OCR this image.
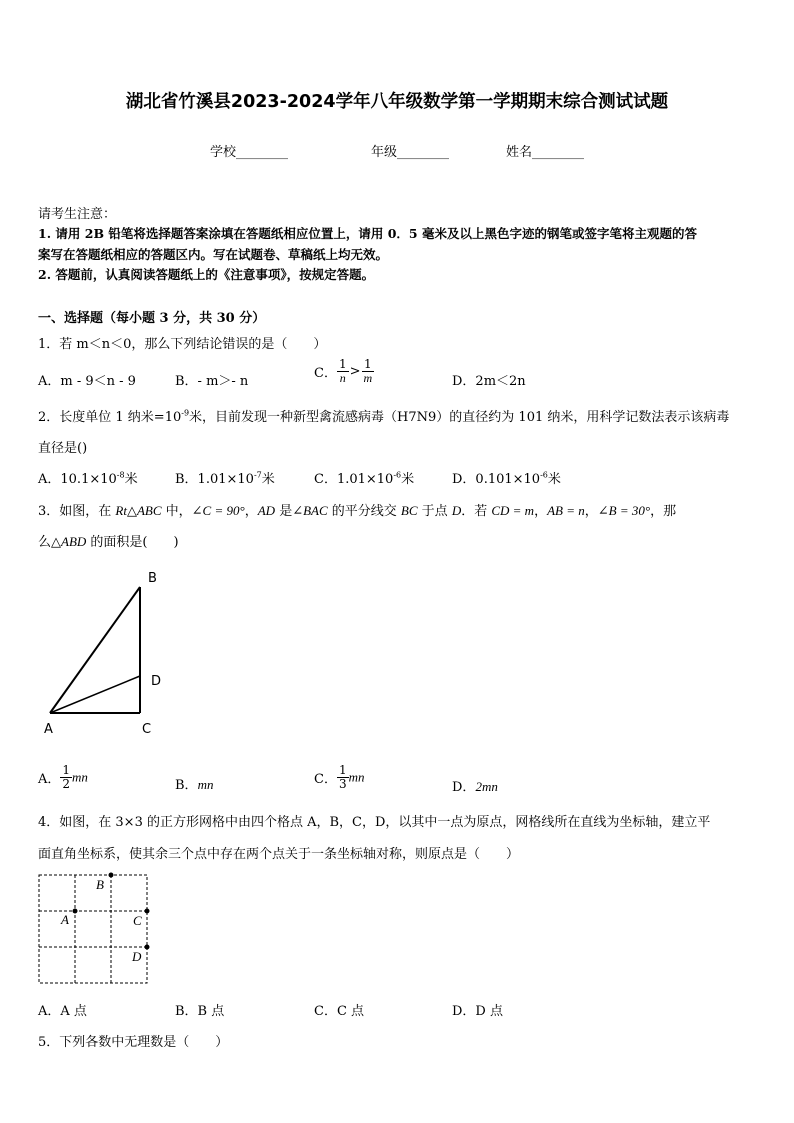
湖北省竹溪县2023-2024学年八年级数学第一学期期末综合测试试题
学校________	年级________	姓名________
请考生注意：
1. 请用 2B 铅笔将选择题答案涂填在答题纸相应位置上，请用 0．5 毫米及以上黑色字迹的钢笔或签字笔将主观题的答
案写在答题纸相应的答题区内。写在试题卷、草稿纸上均无效。
2. 答题前，认真阅读答题纸上的《注意事项》，按规定答题。
一、选择题（每小题 3 分，共 30 分）
1．若 m＜n＜0，那么下列结论错误的是（　　）
A．m - 9＜n - 9	B．- m＞- n
C． $\frac{1}{n} > \frac{1}{m}$	D．2m＜2n
2．长度单位 1 纳米$=10^{-9}$米，目前发现一种新型禽流感病毒（H7N9）的直径约为 101 纳米，用科学记数法表示该病毒
直径是()
A．$10.1\times 10^{-8}$米	B．$1.01\times 10^{-7}$米	C．$1.01\times 10^{-6}$米	D．$0.101\times 10^{-6}$米
3．如图，在 Rt△ABC 中，∠C = 90°，AD 是∠BAC 的平分线交 BC 于点 D．若 CD = m，AB = n，∠B = 30°，那
么△ABD 的面积是(　　)
B
D
A	C
A． $\frac{1}{2}$ mn
B．mn	C． $\frac{1}{3}$ mn
D．2mn
4．如图，在 3×3 的正方形网格中由四个格点 A，B，C，D，以其中一点为原点，网格线所在直线为坐标轴，建立平
面直角坐标系，使其余三个点中存在两个点关于一条坐标轴对称，则原点是（　　）
B
A	C
D
A．A 点	B．B 点	C．C 点	D．D 点
5．下列各数中无理数是（　　）
